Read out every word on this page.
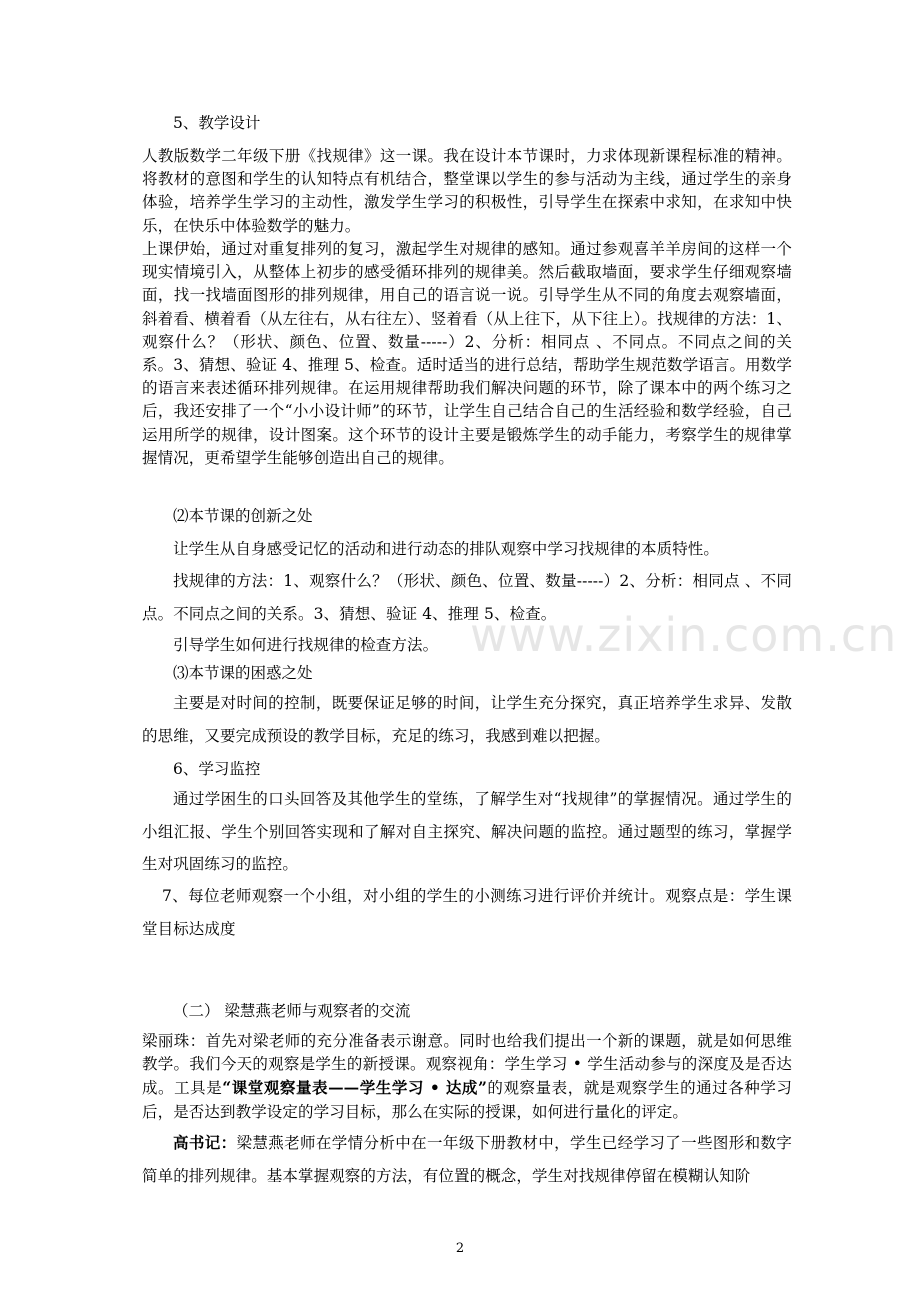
5、教学设计

人教版数学二年级下册《找规律》这一课。我在设计本节课时，力求体现新课程标准的精神。将教材的意图和学生的认知特点有机结合，整堂课以学生的参与活动为主线，通过学生的亲身体验，培养学生学习的主动性，激发学生学习的积极性，引导学生在探索中求知，在求知中快乐，在快乐中体验数学的魅力。

上课伊始，通过对重复排列的复习，激起学生对规律的感知。通过参观喜羊羊房间的这样一个现实情境引入，从整体上初步的感受循环排列的规律美。然后截取墙面，要求学生仔细观察墙面，找一找墙面图形的排列规律，用自己的语言说一说。引导学生从不同的角度去观察墙面，斜着看、横着看（从左往右，从右往左）、竖着看（从上往下，从下往上）。找规律的方法：1、观察什么？（形状、颜色、位置、数量-----）2、分析：相同点 、不同点。不同点之间的关系。3、猜想、验证 4、推理 5、检查。适时适当的进行总结，帮助学生规范数学语言。用数学的语言来表述循环排列规律。在运用规律帮助我们解决问题的环节，除了课本中的两个练习之后，我还安排了一个“小小设计师”的环节，让学生自己结合自己的生活经验和数学经验，自己运用所学的规律，设计图案。这个环节的设计主要是锻炼学生的动手能力，考察学生的规律掌握情况，更希望学生能够创造出自己的规律。

⑵本节课的创新之处

让学生从自身感受记忆的活动和进行动态的排队观察中学习找规律的本质特性。

找规律的方法：1、观察什么？（形状、颜色、位置、数量-----）2、分析：相同点 、不同点。不同点之间的关系。3、猜想、验证 4、推理 5、检查。

引导学生如何进行找规律的检查方法。

⑶本节课的困惑之处

主要是对时间的控制，既要保证足够的时间，让学生充分探究，真正培养学生求异、发散的思维，又要完成预设的教学目标，充足的练习，我感到难以把握。

6、学习监控

通过学困生的口头回答及其他学生的堂练，了解学生对“找规律”的掌握情况。通过学生的小组汇报、学生个别回答实现和了解对自主探究、解决问题的监控。通过题型的练习，掌握学生对巩固练习的监控。

7、每位老师观察一个小组，对小组的学生的小测练习进行评价并统计。观察点是：学生课堂目标达成度

（二） 梁慧燕老师与观察者的交流

梁丽珠：首先对梁老师的充分准备表示谢意。同时也给我们提出一个新的课题，就是如何思维教学。我们今天的观察是学生的新授课。观察视角：学生学习 • 学生活动参与的深度及是否达成。工具是“课堂观察量表——学生学习 • 达成”的观察量表，就是观察学生的通过各种学习后，是否达到教学设定的学习目标，那么在实际的授课，如何进行量化的评定。

高书记：梁慧燕老师在学情分析中在一年级下册教材中，学生已经学习了一些图形和数字简单的排列规律。基本掌握观察的方法，有位置的概念，学生对找规律停留在模糊认知阶

www.zixin.com.cn
2
